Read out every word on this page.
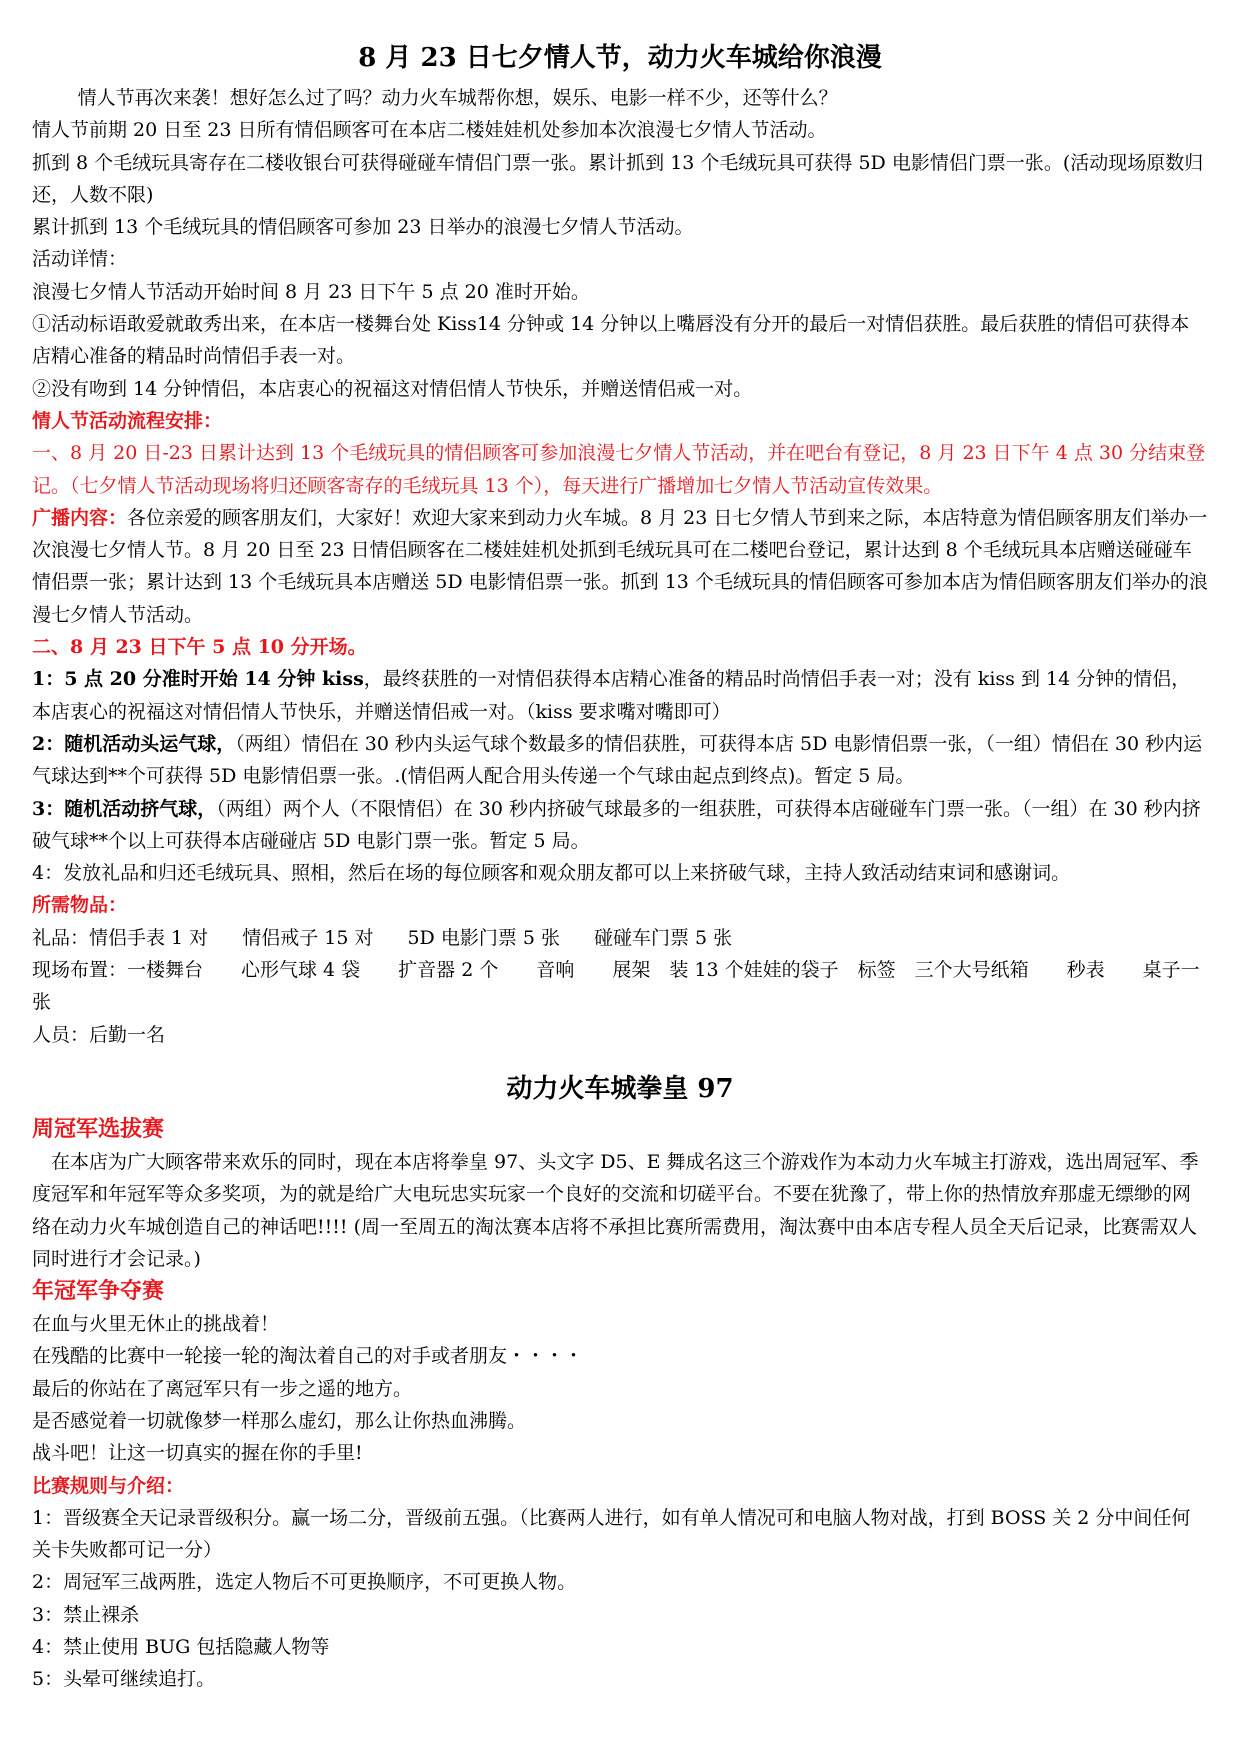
8 月 23 日七夕情人节，动力火车城给你浪漫
情人节再次来袭！想好怎么过了吗？动力火车城帮你想，娱乐、电影一样不少，还等什么？
情人节前期 20 日至 23 日所有情侣顾客可在本店二楼娃娃机处参加本次浪漫七夕情人节活动。
抓到 8 个毛绒玩具寄存在二楼收银台可获得碰碰车情侣门票一张。累计抓到 13 个毛绒玩具可获得 5D 电影情侣门票一张。(活动现场原数归还，人数不限)
累计抓到 13 个毛绒玩具的情侣顾客可参加 23 日举办的浪漫七夕情人节活动。
活动详情：
浪漫七夕情人节活动开始时间 8 月 23 日下午 5 点 20 准时开始。
①活动标语敢爱就敢秀出来，在本店一楼舞台处 Kiss14 分钟或 14 分钟以上嘴唇没有分开的最后一对情侣获胜。最后获胜的情侣可获得本店精心准备的精品时尚情侣手表一对。
②没有吻到 14 分钟情侣，本店衷心的祝福这对情侣情人节快乐，并赠送情侣戒一对。
情人节活动流程安排：
一、8 月 20 日-23 日累计达到 13 个毛绒玩具的情侣顾客可参加浪漫七夕情人节活动，并在吧台有登记，8 月 23 日下午 4 点 30 分结束登记。（七夕情人节活动现场将归还顾客寄存的毛绒玩具 13 个），每天进行广播增加七夕情人节活动宣传效果。
广播内容：各位亲爱的顾客朋友们，大家好！欢迎大家来到动力火车城。8 月 23 日七夕情人节到来之际，本店特意为情侣顾客朋友们举办一次浪漫七夕情人节。8 月 20 日至 23 日情侣顾客在二楼娃娃机处抓到毛绒玩具可在二楼吧台登记，累计达到 8 个毛绒玩具本店赠送碰碰车情侣票一张；累计达到 13 个毛绒玩具本店赠送 5D 电影情侣票一张。抓到 13 个毛绒玩具的情侣顾客可参加本店为情侣顾客朋友们举办的浪漫七夕情人节活动。
二、8 月 23 日下午 5 点 10 分开场。
1：5 点 20 分准时开始 14 分钟 kiss，最终获胜的一对情侣获得本店精心准备的精品时尚情侣手表一对；没有 kiss 到 14 分钟的情侣，本店衷心的祝福这对情侣情人节快乐，并赠送情侣戒一对。（kiss 要求嘴对嘴即可）
2：随机活动头运气球，（两组）情侣在 30 秒内头运气球个数最多的情侣获胜，可获得本店 5D 电影情侣票一张，（一组）情侣在 30 秒内运气球达到**个可获得 5D 电影情侣票一张。.(情侣两人配合用头传递一个气球由起点到终点)。暂定 5 局。
3：随机活动挤气球，（两组）两个人（不限情侣）在 30 秒内挤破气球最多的一组获胜，可获得本店碰碰车门票一张。（一组）在 30 秒内挤破气球**个以上可获得本店碰碰店 5D 电影门票一张。暂定 5 局。
4：发放礼品和归还毛绒玩具、照相，然后在场的每位顾客和观众朋友都可以上来挤破气球，主持人致活动结束词和感谢词。
所需物品：
礼品：情侣手表 1 对 情侣戒子 15 对 5D 电影门票 5 张 碰碰车门票 5 张
现场布置：一楼舞台　　心形气球 4 袋　　扩音器 2 个　　音响　　展架　装 13 个娃娃的袋子　标签　三个大号纸箱　　秒表　　桌子一张
人员：后勤一名
动力火车城拳皇 97
周冠军选拔赛
在本店为广大顾客带来欢乐的同时，现在本店将拳皇 97、头文字 D5、E 舞成名这三个游戏作为本动力火车城主打游戏，选出周冠军、季度冠军和年冠军等众多奖项，为的就是给广大电玩忠实玩家一个良好的交流和切磋平台。不要在犹豫了，带上你的热情放弃那虚无缥缈的网络在动力火车城创造自己的神话吧!!!! (周一至周五的淘汰赛本店将不承担比赛所需费用，淘汰赛中由本店专程人员全天后记录，比赛需双人同时进行才会记录。)
年冠军争夺赛
在血与火里无休止的挑战着！
在残酷的比赛中一轮接一轮的淘汰着自己的对手或者朋友・・・・
最后的你站在了离冠军只有一步之遥的地方。
是否感觉着一切就像梦一样那么虚幻，那么让你热血沸腾。
战斗吧！让这一切真实的握在你的手里!
比赛规则与介绍：
1：晋级赛全天记录晋级积分。赢一场二分，晋级前五强。（比赛两人进行，如有单人情况可和电脑人物对战，打到 BOSS 关 2 分中间任何关卡失败都可记一分）
2：周冠军三战两胜，选定人物后不可更换顺序，不可更换人物。
3：禁止裸杀
4：禁止使用 BUG 包括隐藏人物等
5：头晕可继续追打。
